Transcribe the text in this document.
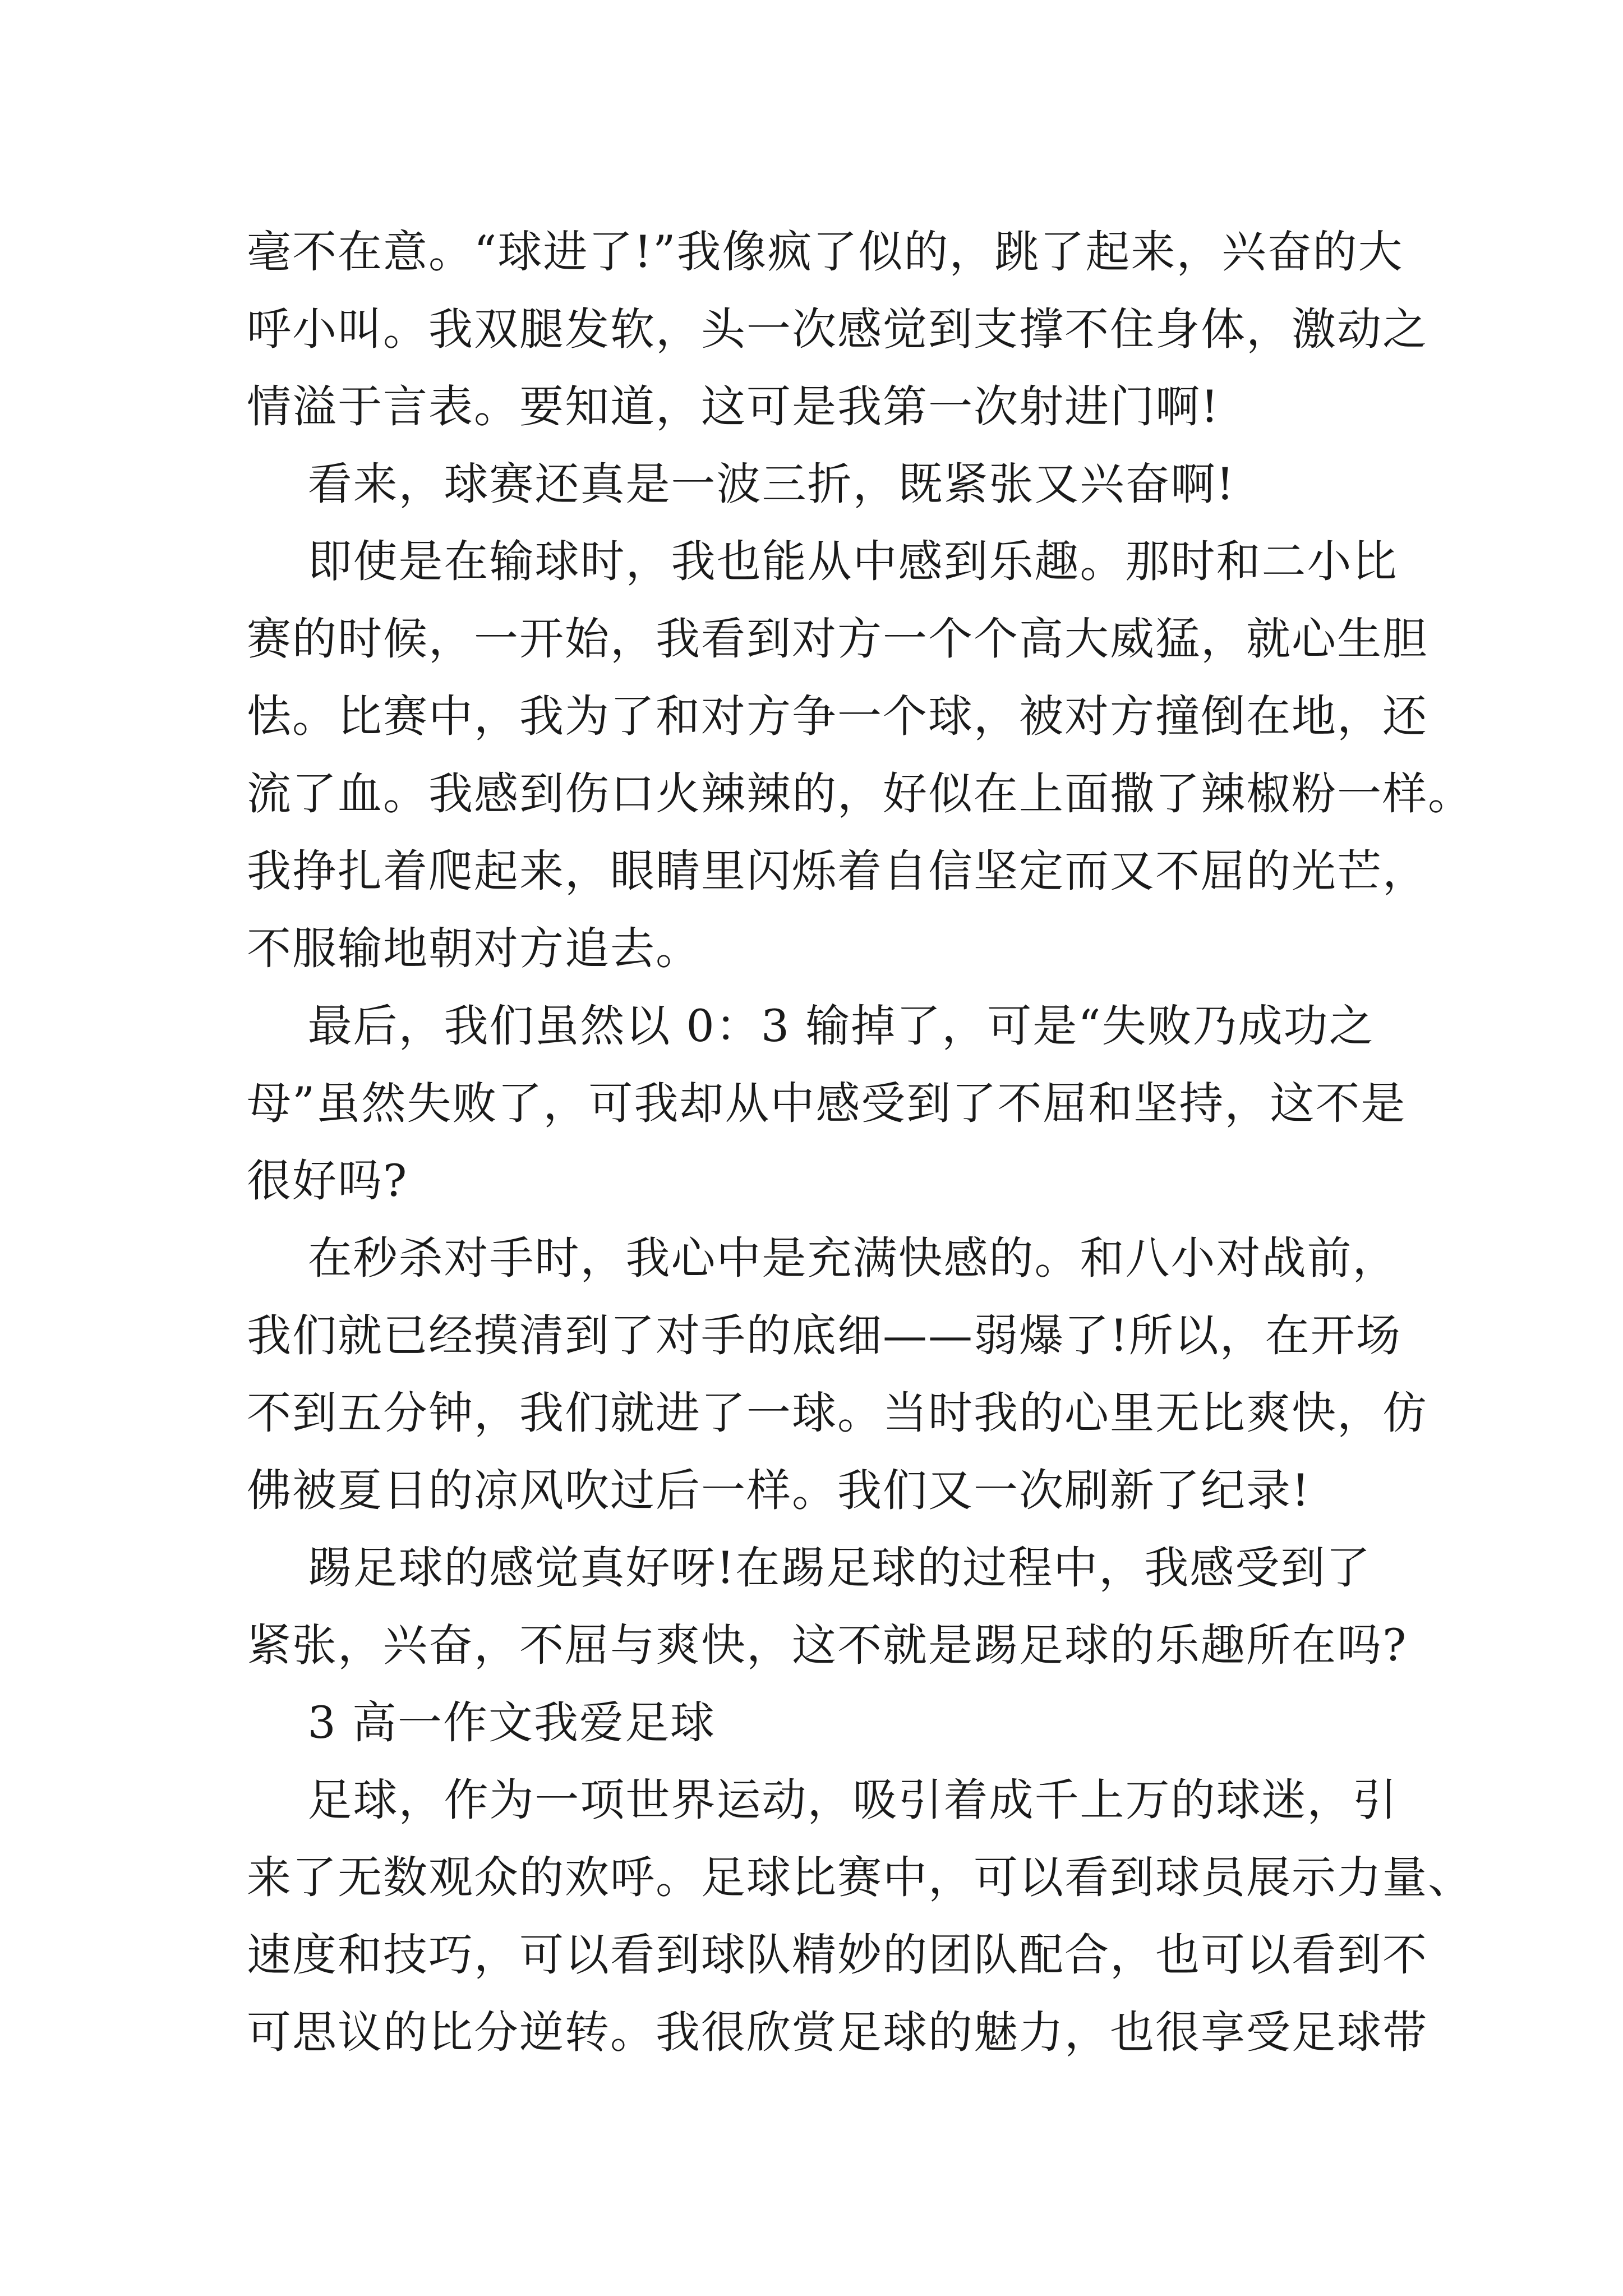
毫不在意。“球进了!”我像疯了似的，跳了起来，兴奋的大
呼小叫。我双腿发软，头一次感觉到支撑不住身体，激动之
情溢于言表。要知道，这可是我第一次射进门啊!
看来，球赛还真是一波三折，既紧张又兴奋啊!
即使是在输球时，我也能从中感到乐趣。那时和二小比
赛的时候，一开始，我看到对方一个个高大威猛，就心生胆
怯。比赛中，我为了和对方争一个球，被对方撞倒在地，还
流了血。我感到伤口火辣辣的，好似在上面撒了辣椒粉一样。
我挣扎着爬起来，眼睛里闪烁着自信坚定而又不屈的光芒，
不服输地朝对方追去。
最后，我们虽然以 0：3 输掉了，可是“失败乃成功之
母”虽然失败了，可我却从中感受到了不屈和坚持，这不是
很好吗?
在秒杀对手时，我心中是充满快感的。和八小对战前，
我们就已经摸清到了对手的底细——弱爆了!所以，在开场
不到五分钟，我们就进了一球。当时我的心里无比爽快，仿
佛被夏日的凉风吹过后一样。我们又一次刷新了纪录!
踢足球的感觉真好呀!在踢足球的过程中，我感受到了
紧张，兴奋，不屈与爽快，这不就是踢足球的乐趣所在吗?
3 高一作文我爱足球
足球，作为一项世界运动，吸引着成千上万的球迷，引
来了无数观众的欢呼。足球比赛中，可以看到球员展示力量、
速度和技巧，可以看到球队精妙的团队配合，也可以看到不
可思议的比分逆转。我很欣赏足球的魅力，也很享受足球带
